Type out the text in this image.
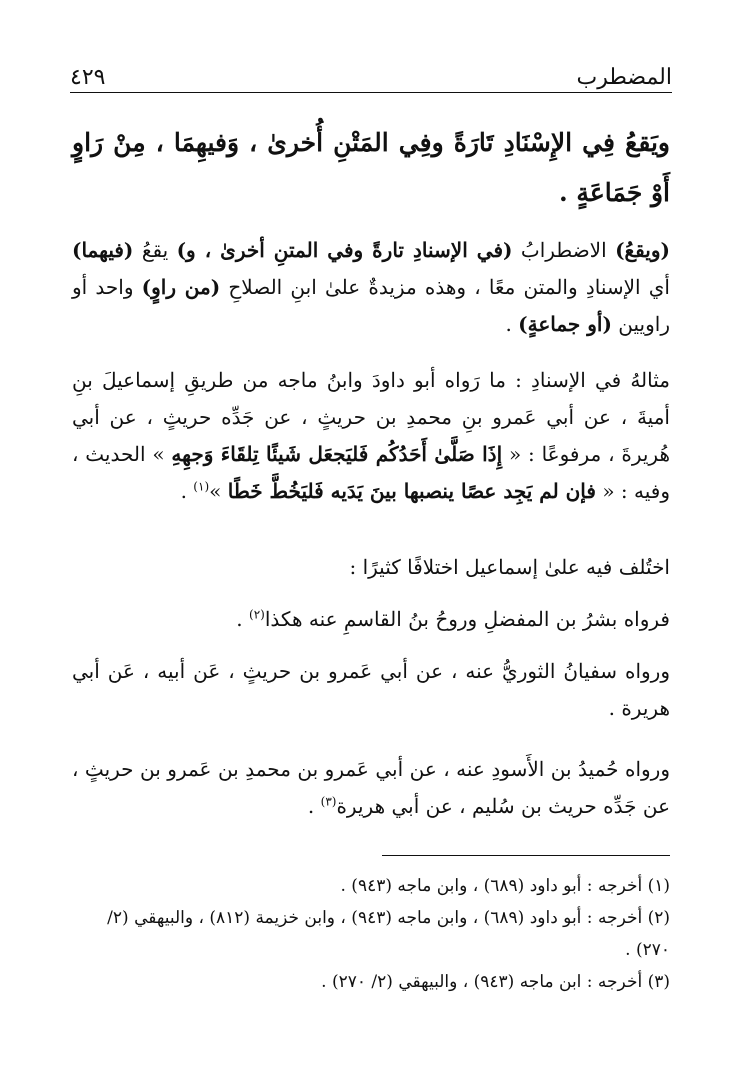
المضطرب
٤٢٩

ويَقعُ فِي الإِسْنَادِ تَارَةً وفِي المَتْنِ أُخرىٰ ، وَفيهِمَا ، مِنْ رَاوٍ أَوْ جَمَاعَةٍ .

(ويقعُ) الاضطرابُ (في الإسنادِ تارةً وفي المتنِ أخرىٰ ، و) يقعُ (فيهما) أي الإسنادِ والمتن معًا ، وهذه مزيدةٌ علىٰ ابنِ الصلاحِ (من راوٍ) واحد أو راويين (أو جماعةٍ) .

مثالهُ في الإسنادِ : ما رَواه أبو داودَ وابنُ ماجه من طريقِ إسماعيلَ بنِ أميةَ ، عن أبي عَمرو بنِ محمدِ بن حريثٍ ، عن جَدِّه حريثٍ ، عن أبي هُريرةَ ، مرفوعًا : « إِذَا صَلَّىٰ أَحَدُكُم فَليَجعَل شَيئًا تِلقَاءَ وَجهِهِ » الحديث ، وفيه : « فإن لم يَجِد عصًا ينصبها بينَ يَدَيه فَليَخُطَّ خَطًا »$^{(١)}$ .

اختُلف فيه علىٰ إسماعيل اختلافًا كثيرًا :

فرواه بشرُ بن المفضلِ وروحُ بنُ القاسمِ عنه هكذا$^{(٢)}$ .

ورواه سفيانُ الثوريُّ عنه ، عن أبي عَمرو بن حريثٍ ، عَن أبيه ، عَن أبي هريرة .

ورواه حُميدُ بن الأَسودِ عنه ، عن أبي عَمرو بن محمدِ بن عَمرو بن حريثٍ ، عن جَدِّه حريث بن سُليم ، عن أبي هريرة$^{(٣)}$ .

(١) أخرجه : أبو داود (٦٨٩) ، وابن ماجه (٩٤٣) .

(٢) أخرجه : أبو داود (٦٨٩) ، وابن ماجه (٩٤٣) ، وابن خزيمة (٨١٢) ، والبيهقي (٢/ ٢٧٠) .

(٣) أخرجه : ابن ماجه (٩٤٣) ، والبيهقي (٢/ ٢٧٠) .
